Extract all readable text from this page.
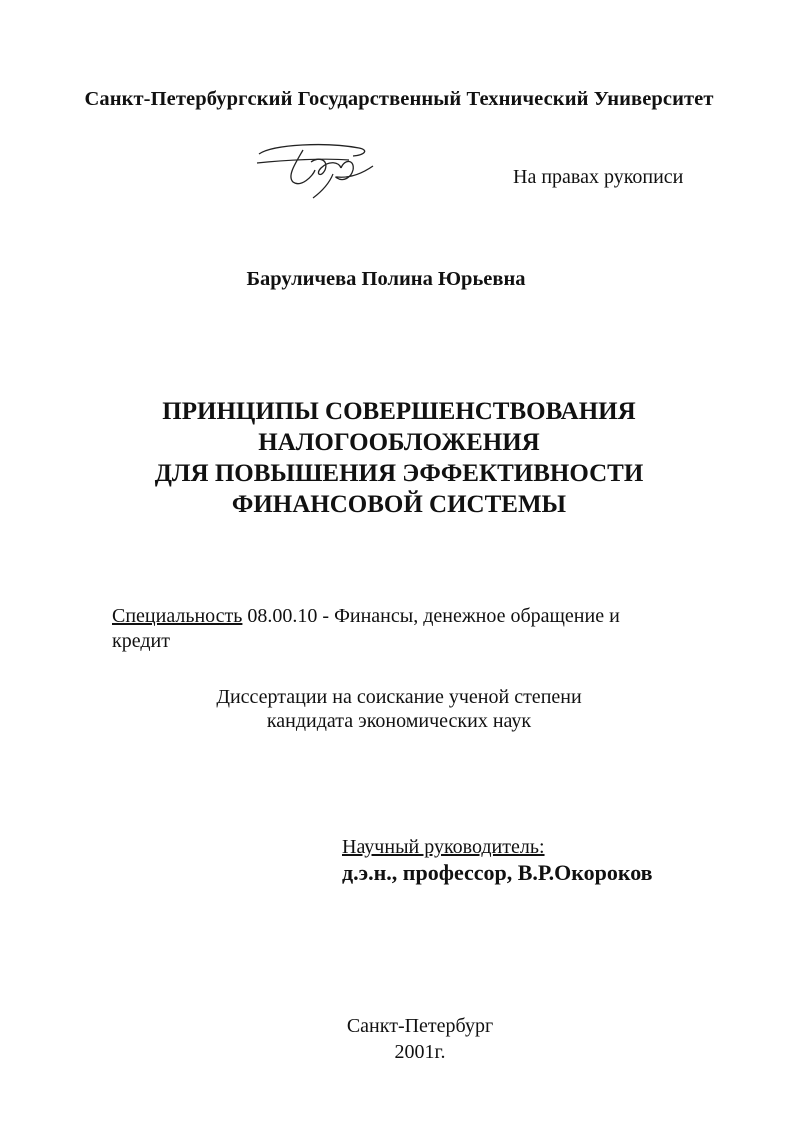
Санкт-Петербургский Государственный Технический Университет
На правах рукописи
Баруличева Полина Юрьевна
ПРИНЦИПЫ СОВЕРШЕНСТВОВАНИЯ
НАЛОГООБЛОЖЕНИЯ
ДЛЯ ПОВЫШЕНИЯ ЭФФЕКТИВНОСТИ
ФИНАНСОВОЙ СИСТЕМЫ
Специальность 08.00.10 - Финансы, денежное обращение и
кредит
Диссертации на соискание ученой степени
кандидата экономических наук
Научный руководитель:
д.э.н., профессор, В.Р.Окороков
Санкт-Петербург
2001г.
